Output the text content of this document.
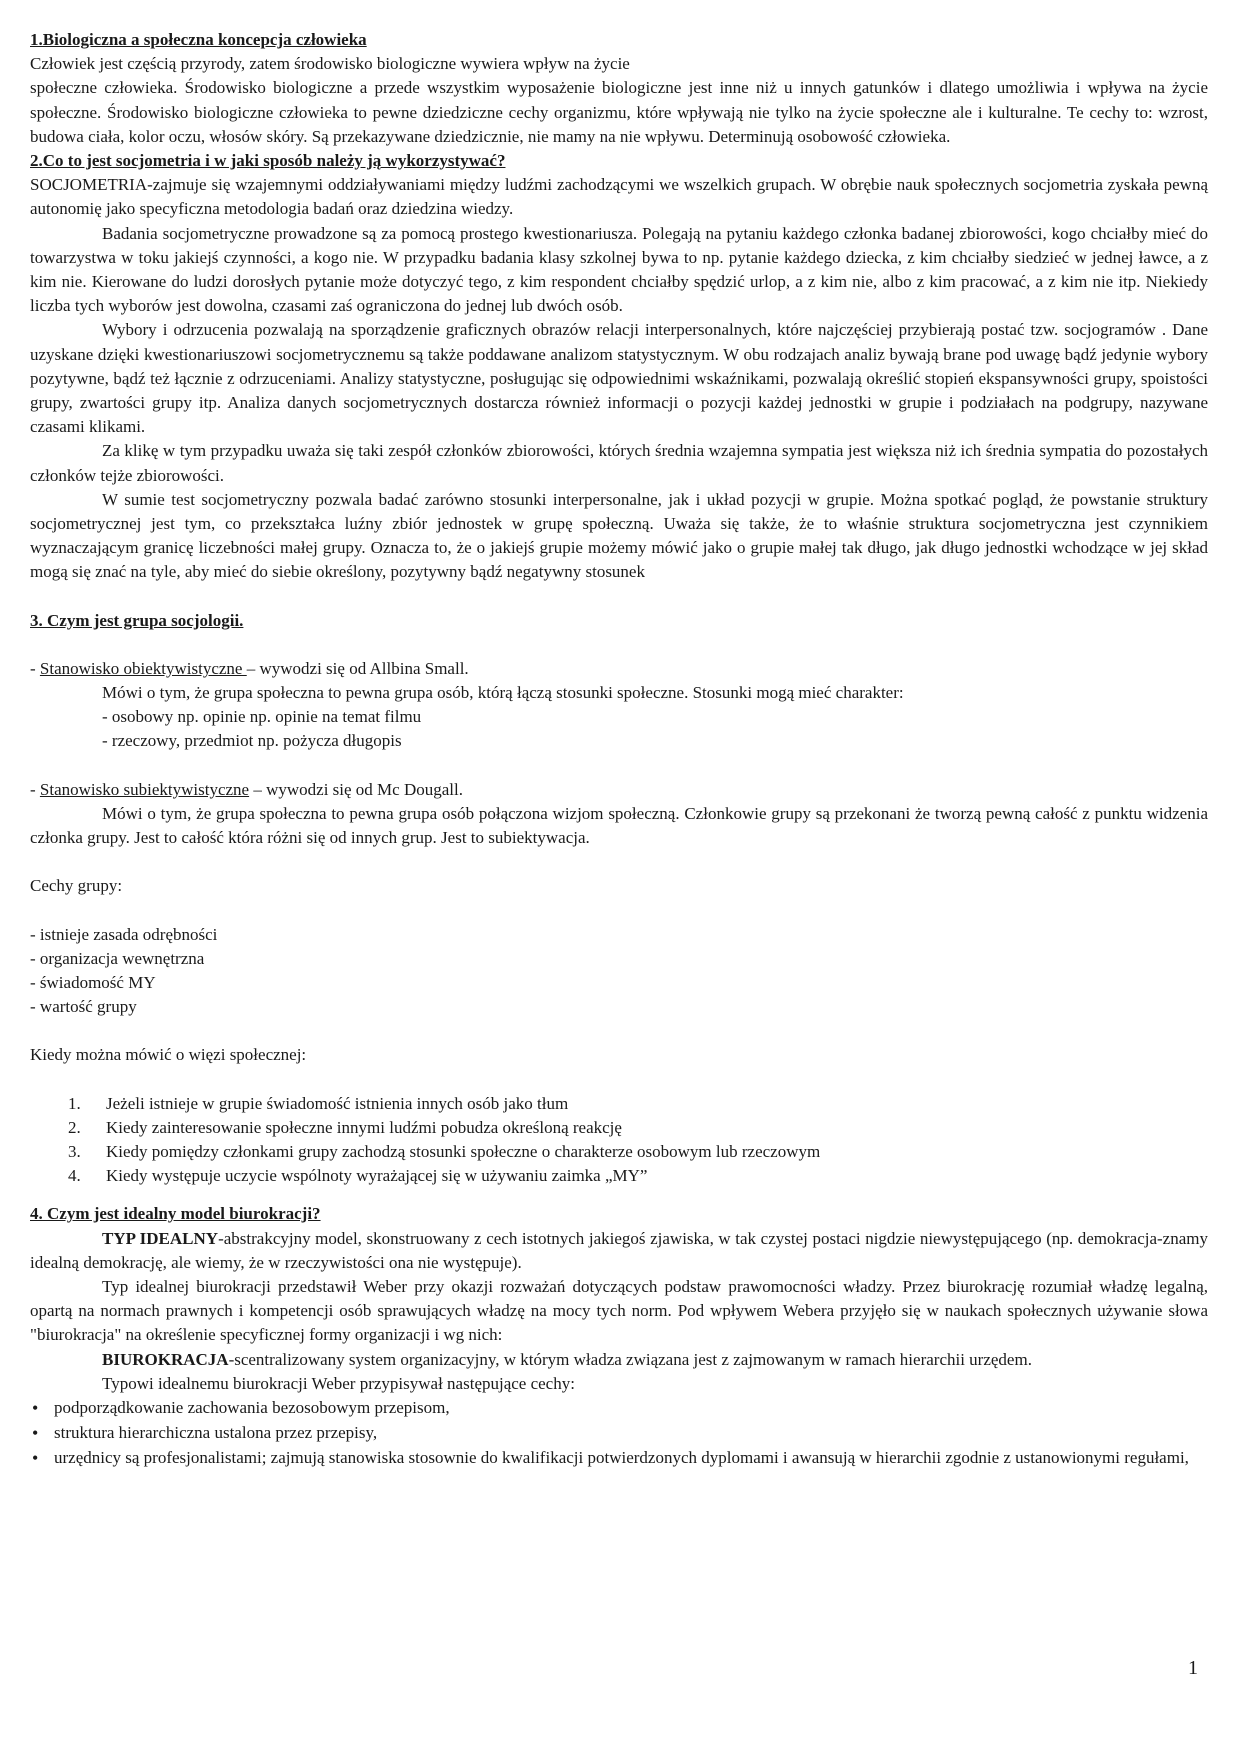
1.Biologiczna a społeczna koncepcja człowieka

Człowiek jest częścią przyrody, zatem środowisko biologiczne wywiera wpływ na życie

społeczne człowieka. Środowisko biologiczne a przede wszystkim wyposażenie biologiczne jest inne niż u innych gatunków i dlatego umożliwia i wpływa na życie społeczne. Środowisko biologiczne człowieka to pewne dziedziczne cechy organizmu, które wpływają nie tylko na życie społeczne ale i kulturalne. Te cechy to: wzrost, budowa ciała, kolor oczu, włosów skóry. Są przekazywane dziedzicznie, nie mamy na nie wpływu. Determinują osobowość człowieka.

2.Co to jest socjometria i w jaki sposób należy ją wykorzystywać?

SOCJOMETRIA-zajmuje się wzajemnymi oddziaływaniami między ludźmi zachodzącymi we wszelkich grupach. W obrębie nauk społecznych socjometria zyskała pewną autonomię jako specyficzna metodologia badań oraz dziedzina wiedzy.

Badania socjometryczne prowadzone są za pomocą prostego kwestionariusza. Polegają na pytaniu każdego członka badanej zbiorowości, kogo chciałby mieć do towarzystwa w toku jakiejś czynności, a kogo nie. W przypadku badania klasy szkolnej bywa to np. pytanie każdego dziecka, z kim chciałby siedzieć w jednej ławce, a z kim nie. Kierowane do ludzi dorosłych pytanie może dotyczyć tego, z kim respondent chciałby spędzić urlop, a z kim nie, albo z kim pracować, a z kim nie itp. Niekiedy liczba tych wyborów jest dowolna, czasami zaś ograniczona do jednej lub dwóch osób.

Wybory i odrzucenia pozwalają na sporządzenie graficznych obrazów relacji interpersonalnych, które najczęściej przybierają postać tzw. socjogramów . Dane uzyskane dzięki kwestionariuszowi socjometrycznemu są także poddawane analizom statystycznym. W obu rodzajach analiz bywają brane pod uwagę bądź jedynie wybory pozytywne, bądź też łącznie z odrzuceniami. Analizy statystyczne, posługując się odpowiednimi wskaźnikami, pozwalają określić stopień ekspansywności grupy, spoistości grupy, zwartości grupy itp. Analiza danych socjometrycznych dostarcza również informacji o pozycji każdej jednostki w grupie i podziałach na podgrupy, nazywane czasami klikami.

Za klikę w tym przypadku uważa się taki zespół członków zbiorowości, których średnia wzajemna sympatia jest większa niż ich średnia sympatia do pozostałych członków tejże zbiorowości.

W sumie test socjometryczny pozwala badać zarówno stosunki interpersonalne, jak i układ pozycji w grupie. Można spotkać pogląd, że powstanie struktury socjometrycznej jest tym, co przekształca luźny zbiór jednostek w grupę społeczną. Uważa się także, że to właśnie struktura socjometryczna jest czynnikiem wyznaczającym granicę liczebności małej grupy. Oznacza to, że o jakiejś grupie możemy mówić jako o grupie małej tak długo, jak długo jednostki wchodzące w jej skład mogą się znać na tyle, aby mieć do siebie określony, pozytywny bądź negatywny stosunek

3. Czym jest grupa socjologii.

- Stanowisko obiektywistyczne – wywodzi się od Allbina Small.

Mówi o tym, że grupa społeczna to pewna grupa osób, którą łączą stosunki społeczne. Stosunki mogą mieć charakter:

- osobowy np. opinie np. opinie na temat filmu

- rzeczowy, przedmiot np. pożycza długopis

- Stanowisko subiektywistyczne – wywodzi się od Mc Dougall.

Mówi o tym, że grupa społeczna to pewna grupa osób połączona wizjom społeczną. Członkowie grupy są przekonani że tworzą pewną całość z punktu widzenia członka grupy. Jest to całość która różni się od innych grup. Jest to subiektywacja.

Cechy grupy:

- istnieje zasada odrębności

- organizacja wewnętrzna

- świadomość MY

- wartość grupy

Kiedy można mówić o więzi społecznej:

1.	Jeżeli istnieje w grupie świadomość istnienia innych osób jako tłum
2.	Kiedy zainteresowanie społeczne innymi ludźmi pobudza określoną reakcję
3.	Kiedy pomiędzy członkami grupy zachodzą stosunki społeczne o charakterze osobowym lub rzeczowym
4.	Kiedy występuje uczycie wspólnoty wyrażającej się w używaniu zaimka „MY”

4. Czym jest idealny model biurokracji?

TYP IDEALNY-abstrakcyjny model, skonstruowany z cech istotnych jakiegoś zjawiska, w tak czystej postaci nigdzie niewystępującego (np. demokracja-znamy idealną demokrację, ale wiemy, że w rzeczywistości ona nie występuje).

Typ idealnej biurokracji przedstawił Weber przy okazji rozważań dotyczących podstaw prawomocności władzy. Przez biurokrację rozumiał władzę legalną, opartą na normach prawnych i kompetencji osób sprawujących władzę na mocy tych norm. Pod wpływem Webera przyjęło się w naukach społecznych używanie słowa "biurokracja" na określenie specyficznej formy organizacji i wg nich:

BIUROKRACJA-scentralizowany system organizacyjny, w którym władza związana jest z zajmowanym w ramach hierarchii urzędem.

Typowi idealnemu biurokracji Weber przypisywał następujące cechy:

•
podporządkowanie zachowania bezosobowym przepisom,
•
struktura hierarchiczna ustalona przez przepisy,
•
urzędnicy są profesjonalistami; zajmują stanowiska stosownie do kwalifikacji potwierdzonych dyplomami i awansują w hierarchii zgodnie z ustanowionymi regułami,
1
